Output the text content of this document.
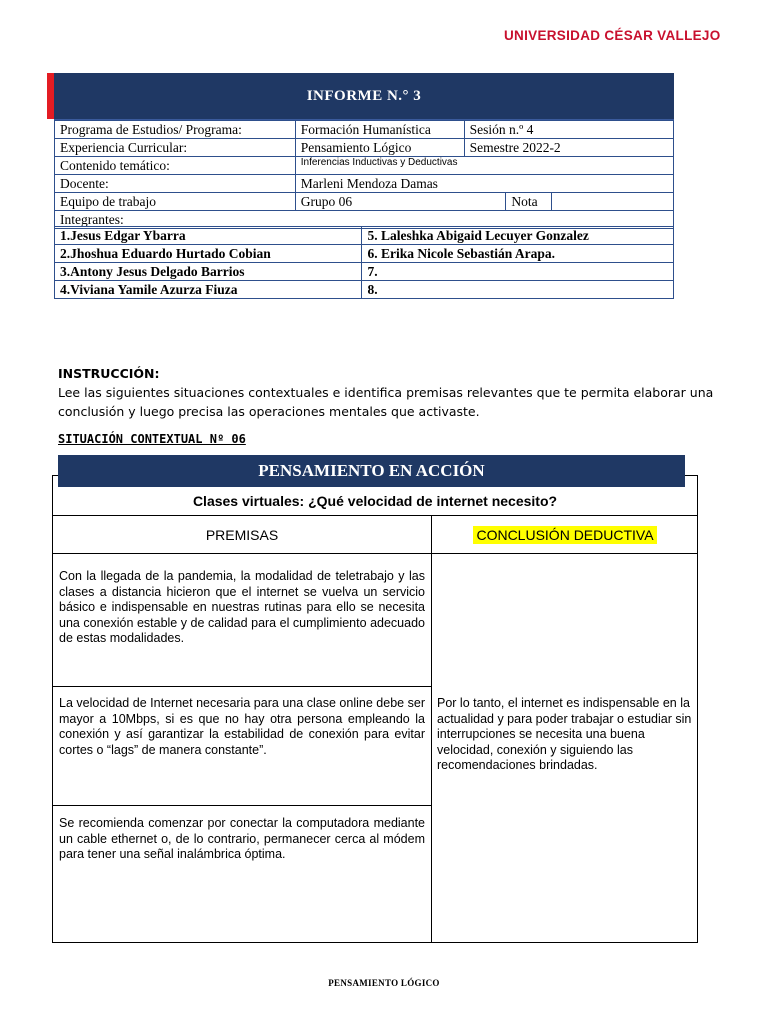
UNIVERSIDAD CÉSAR VALLEJO
INFORME N.° 3
Programa de Estudios/ Programa:	Formación Humanística	Sesión n.º 4	
Experiencia Curricular:	Pensamiento Lógico	Semestre 2022-2	
Contenido temático:	Inferencias Inductivas y Deductivas		
Docente:	Marleni Mendoza Damas		
Equipo de trabajo	Grupo 06		Nota

Integrantes:			
1.Jesus Edgar Ybarra	5. Laleshka Abigaid Lecuyer Gonzalez
2.Jhoshua Eduardo Hurtado Cobian	6. Erika Nicole Sebastián Arapa.
3.Antony Jesus Delgado Barrios	7.
4.Viviana Yamile Azurza Fiuza	8.
INSTRUCCIÓN:
Lee las siguientes situaciones contextuales e identifica premisas relevantes que te permita elaborar una conclusión y luego precisa las operaciones mentales que activaste.
SITUACIÓN CONTEXTUAL Nº 06
PENSAMIENTO EN ACCIÓN
Clases virtuales: ¿Qué velocidad de internet necesito?
PREMISAS	CONCLUSIÓN DEDUCTIVA
Con la llegada de la pandemia, la modalidad de teletrabajo y las clases a distancia hicieron que el internet se vuelva un servicio básico e indispensable en nuestras rutinas para ello se necesita una conexión estable y de calidad para el cumplimiento adecuado de estas modalidades.
La velocidad de Internet necesaria para una clase online debe ser mayor a 10Mbps, si es que no hay otra persona empleando la conexión y así garantizar la estabilidad de conexión para evitar cortes o “lags” de manera constante”.
Se recomienda comenzar por conectar la computadora mediante un cable ethernet o, de lo contrario, permanecer cerca al módem para tener una señal inalámbrica óptima.
Por lo tanto, el internet es indispensable en la actualidad y para poder trabajar o estudiar sin interrupciones se necesita una buena velocidad, conexión y siguiendo las recomendaciones brindadas.
PENSAMIENTO LÓGICO
